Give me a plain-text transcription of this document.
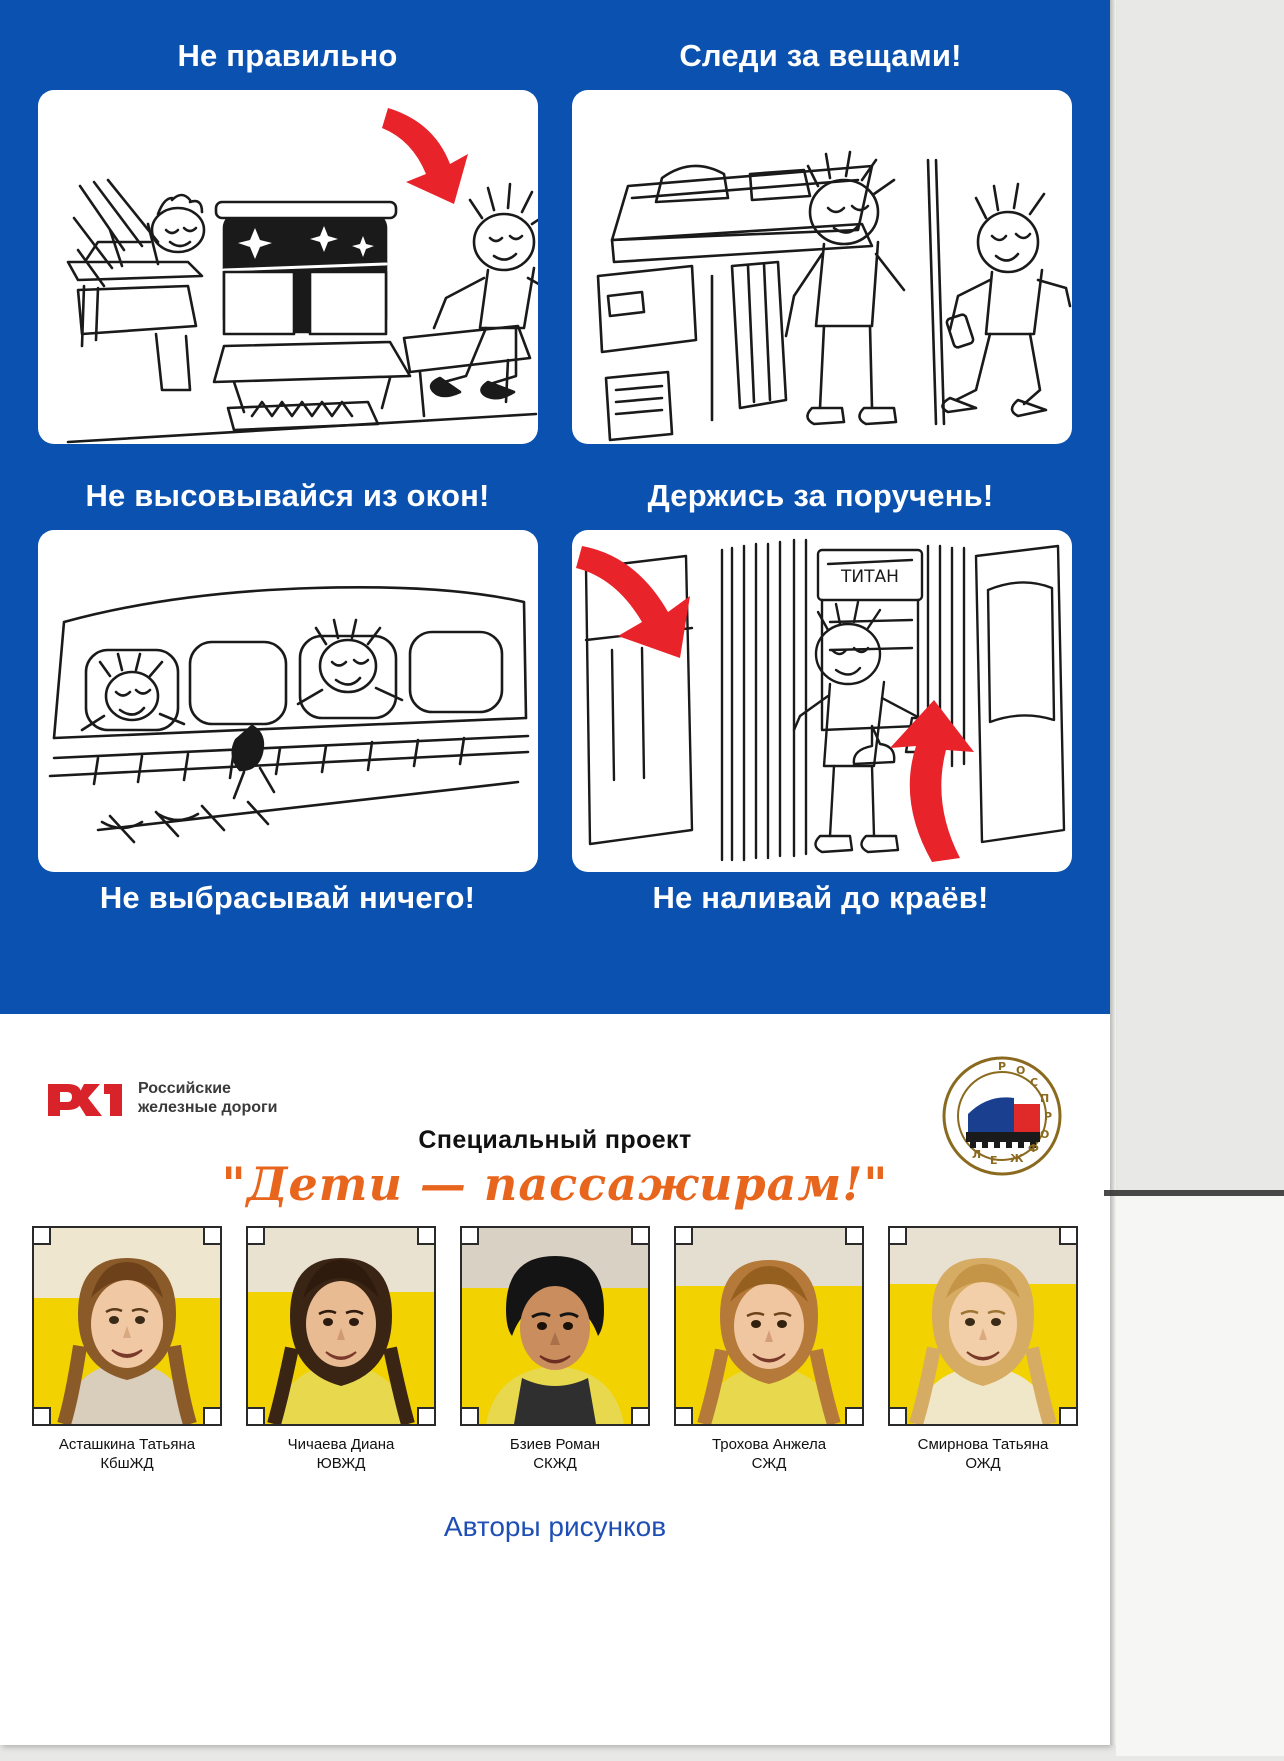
Не правильно	Следи за вещами!
Не высовывайся из окон!	Держись за поручень!
ТИТАН
Не выбрасывай ничего!	Не наливай до краёв!
Российские
железные дороги
Р О
С
П
Р
О
Ф
Ж
Е
Л
Специальный проект
"Дети — пассажирам!"
Асташкина Татьяна
КбшЖД
Чичаева Диана
ЮВЖД
Бзиев Роман
СКЖД
Трохова Анжела
СЖД
Смирнова Татьяна
ОЖД
Авторы рисунков
